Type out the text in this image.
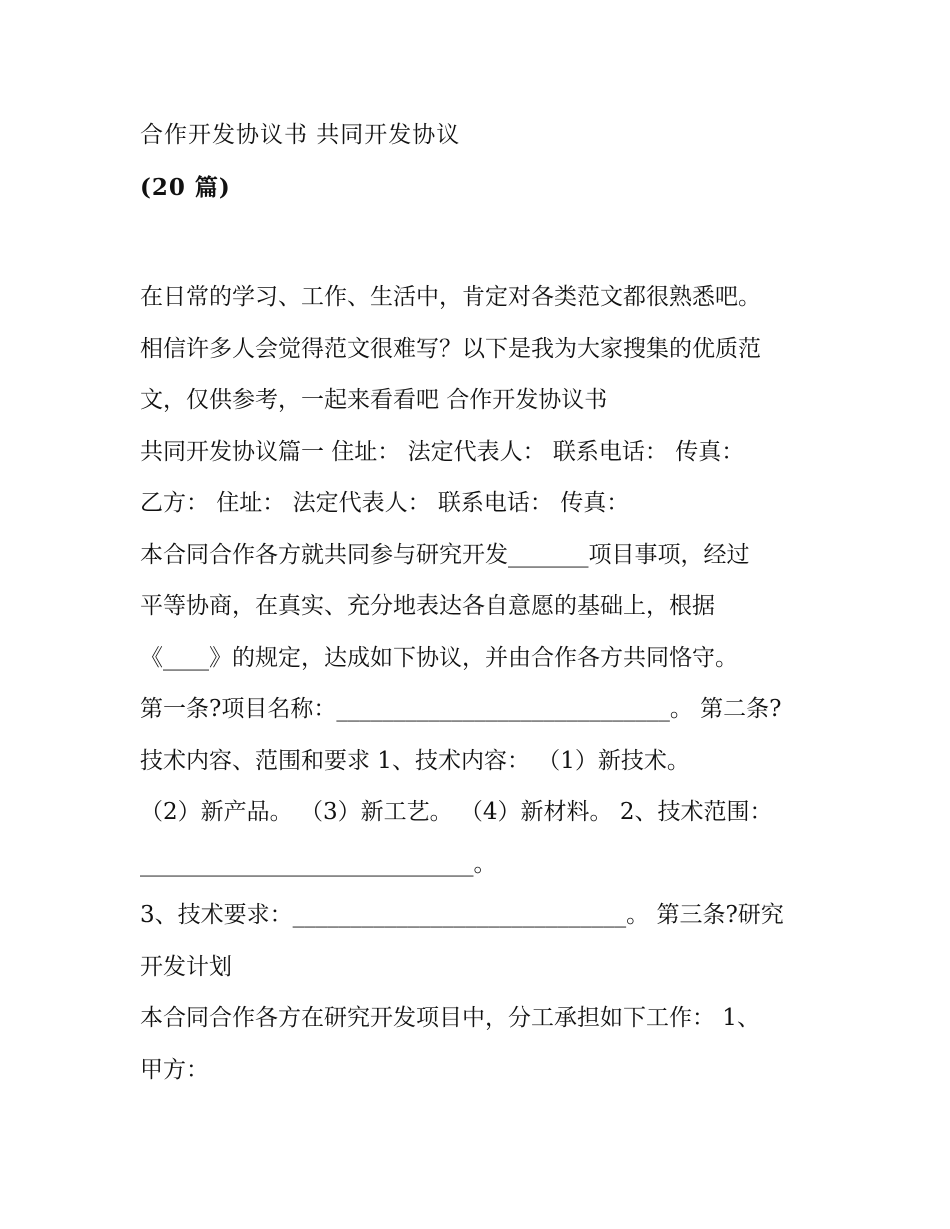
合作开发协议书 共同开发协议
(20 篇)
在日常的学习、工作、生活中，肯定对各类范文都很熟悉吧。
相信许多人会觉得范文很难写？以下是我为大家搜集的优质范
文，仅供参考，一起来看看吧 合作开发协议书
共同开发协议篇一 住址： 法定代表人： 联系电话： 传真：
乙方： 住址： 法定代表人： 联系电话： 传真：
本合同合作各方就共同参与研究开发_______项目事项，经过
平等协商，在真实、充分地表达各自意愿的基础上，根据
《____》的规定，达成如下协议，并由合作各方共同恪守。
第一条?项目名称：_____________________________。 第二条?
技术内容、范围和要求 1、技术内容： （1）新技术。
（2）新产品。 （3）新工艺。 （4）新材料。 2、技术范围：
_____________________________。
3、技术要求：_____________________________。 第三条?研究
开发计划
本合同合作各方在研究开发项目中，分工承担如下工作： 1、
甲方：
